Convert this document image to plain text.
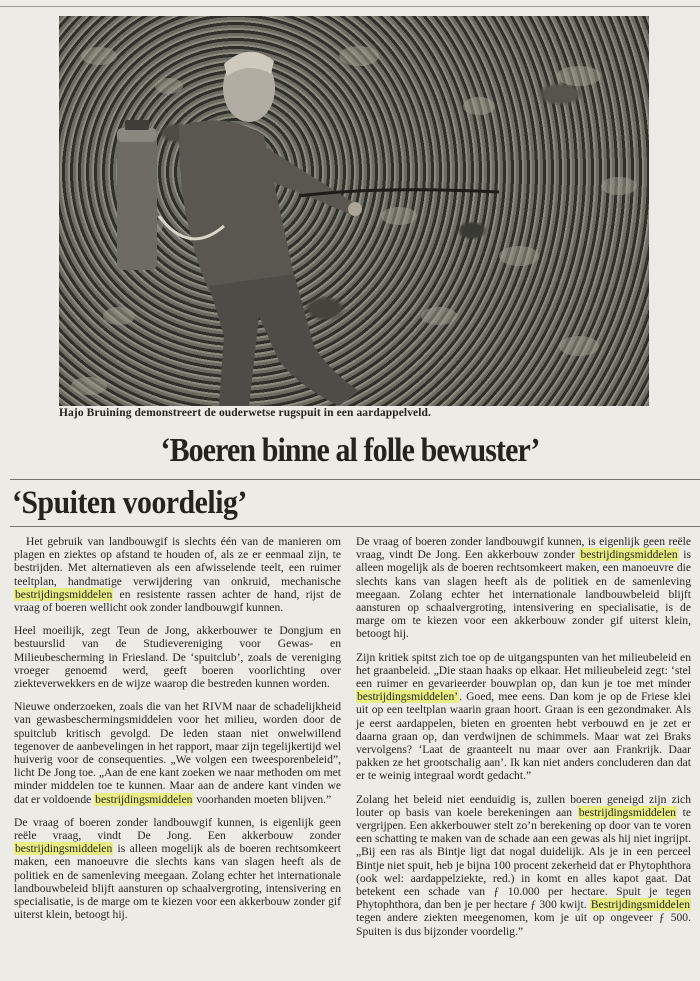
Hajo Bruining demonstreert de ouderwetse rugspuit in een aardappelveld.
‘Boeren binne al folle bewuster’
‘Spuiten voordelig’

Het gebruik van landbouwgif is slechts één van de manieren om plagen en ziektes op afstand te houden of, als ze er eenmaal zijn, te bestrijden. Met alternatieven als een afwisselende teelt, een ruimer teeltplan, handmatige verwijdering van onkruid, mechanische bestrijdingsmiddelen en resistente rassen achter de hand, rijst de vraag of boeren wellicht ook zonder landbouwgif kunnen.

Heel moeilijk, zegt Teun de Jong, akkerbouwer te Dongjum en bestuurslid van de Studievereniging voor Gewas- en Milieubescherming in Friesland. De ‘spuitclub’, zoals de vereniging vroeger genoemd werd, geeft boeren voorlichting over ziekteverwekkers en de wijze waarop die bestreden kunnen worden.

Nieuwe onderzoeken, zoals die van het RIVM naar de schadelijkheid van gewasbeschermingsmiddelen voor het milieu, worden door de spuitclub kritisch gevolgd. De leden staan niet onwelwillend tegenover de aanbevelingen in het rapport, maar zijn tegelijkertijd wel huiverig voor de consequenties. „We volgen een tweesporenbeleid”, licht De Jong toe. „Aan de ene kant zoeken we naar methoden om met minder middelen toe te kunnen. Maar aan de andere kant vinden we dat er voldoende bestrijdingsmiddelen voorhanden moeten blijven.”

De vraag of boeren zonder landbouwgif kunnen, is eigenlijk geen reële vraag, vindt De Jong. Een akkerbouw zonder bestrijdingsmiddelen is alleen mogelijk als de boeren rechtsomkeert maken, een manoeuvre die slechts kans van slagen heeft als de politiek en de samenleving meegaan. Zolang echter het internationale landbouwbeleid blijft aansturen op schaalvergroting, intensivering en specialisatie, is de marge om te kiezen voor een akkerbouw zonder gif uiterst klein, betoogt hij.

De vraag of boeren zonder landbouwgif kunnen, is eigenlijk geen reële vraag, vindt De Jong. Een akkerbouw zonder bestrijdingsmiddelen is alleen mogelijk als de boeren rechtsomkeert maken, een manoeuvre die slechts kans van slagen heeft als de politiek en de samenleving meegaan. Zolang echter het internationale landbouwbeleid blijft aansturen op schaalvergroting, intensivering en specialisatie, is de marge om te kiezen voor een akkerbouw zonder gif uiterst klein, betoogt hij.

Zijn kritiek spitst zich toe op de uitgangspunten van het milieubeleid en het graanbeleid. „Die staan haaks op elkaar. Het milieubeleid zegt: ‘stel een ruimer en gevarieerder bouwplan op, dan kun je toe met minder bestrijdingsmiddelen’. Goed, mee eens. Dan kom je op de Friese klei uit op een teeltplan waarin graan hoort. Graan is een gezondmaker. Als je eerst aardappelen, bieten en groenten hebt verbouwd en je zet er daarna graan op, dan verdwijnen de schimmels. Maar wat zei Braks vervolgens? ‘Laat de graanteelt nu maar over aan Frankrijk. Daar pakken ze het grootschalig aan’. Ik kan niet anders concluderen dan dat er te weinig integraal wordt gedacht.”

Zolang het beleid niet eenduidig is, zullen boeren geneigd zijn zich louter op basis van koele berekeningen aan bestrijdingsmiddelen te vergrijpen. Een akkerbouwer stelt zo’n berekening op door van te voren een schatting te maken van de schade aan een gewas als hij niet ingrijpt. „Bij een ras als Bintje ligt dat nogal duidelijk. Als je in een perceel Bintje niet spuit, heb je bijna 100 procent zekerheid dat er Phytophthora (ook wel: aardappelziekte, red.) in komt en alles kapot gaat. Dat betekent een schade van ƒ 10.000 per hectare. Spuit je tegen Phytophthora, dan ben je per hectare ƒ 300 kwijt. Bestrijdingsmiddelen tegen andere ziekten meegenomen, kom je uit op ongeveer ƒ 500. Spuiten is dus bijzonder voordelig.”
